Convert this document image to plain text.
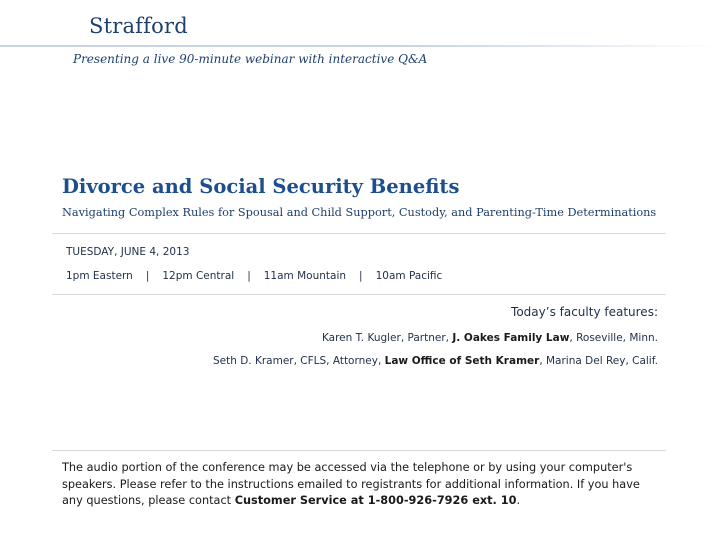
Strafford
Presenting a live 90-minute webinar with interactive Q&A
Divorce and Social Security Benefits
Navigating Complex Rules for Spousal and Child Support, Custody, and Parenting-Time Determinations
TUESDAY, JUNE 4, 2013
1pm Eastern | 12pm Central | 11am Mountain | 10am Pacific
Today’s faculty features:
Karen T. Kugler, Partner, J. Oakes Family Law, Roseville, Minn.
Seth D. Kramer, CFLS, Attorney, Law Office of Seth Kramer, Marina Del Rey, Calif.
The audio portion of the conference may be accessed via the telephone or by using your computer's speakers. Please refer to the instructions emailed to registrants for additional information. If you have any questions, please contact Customer Service at 1-800-926-7926 ext. 10.
